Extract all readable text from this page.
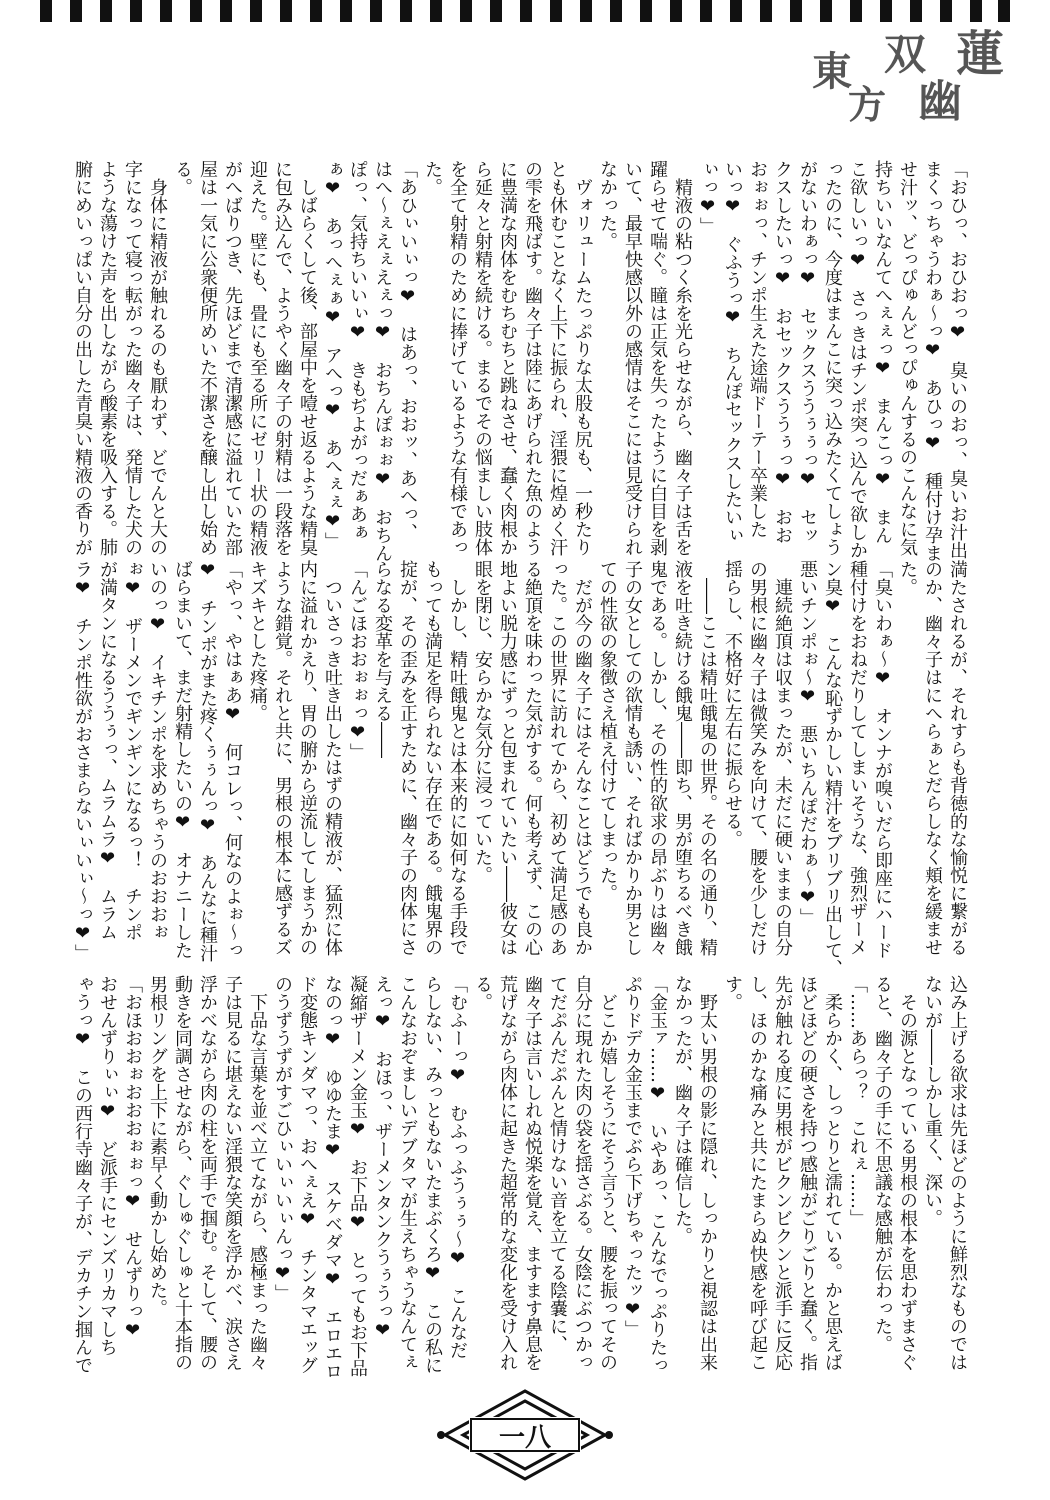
東
方
双
幽
蓮
「おひっ、おひおっ❤　臭いのおっ、臭いお汁出
まくっちゃうわぁ〜っ❤　あひっ❤　種付け孕ま
せ汁ッ、どっぴゅんどっぴゅんするのこんなに気
持ちいいなんてへぇぇっ❤　まんこっ❤　まん
こ欲しいっ❤　さっきはチンポ突っ込んで欲しか
ったのに、今度はまんこに突っ込みたくてしょう
がないわぁっ❤　セックスううぅぅっ❤　セッ
クスしたいっ❤　おセックスううぅっ❤　おお
おぉぉっ、チンポ生えた途端ドーテー卒業した
いっ❤　ぐふうっ❤　ちんぽセックスしたいぃ
ぃっ❤」
　精液の粘つく糸を光らせながら、幽々子は舌を
躍らせて喘ぐ。瞳は正気を失ったように白目を剥
いて、最早快感以外の感情はそこには見受けられ
なかった。
　ヴォリュームたっぷりな太股も尻も、一秒たり
とも休むことなく上下に振られ、淫猥に煌めく汗
の雫を飛ばす。幽々子は陸にあげられた魚のよう
に豊満な肉体をむちむちと跳ねさせ、蠢く肉根か
ら延々と射精を続ける。まるでその悩ましい肢体
を全て射精のために捧げているような有様であっ
た。
「あひぃいぃっ❤　はあっ、おおッ、あへっ、
はへ〜ぇえぇえぇっ❤　おちんぽぉぉ❤　おちん
ぽっ、気持ちいいぃ❤　きもぢよがっだぁあぁ
ぁ❤　あっへぇぁ❤　アへっ❤　あへぇぇ❤」
　しばらくして後、部屋中を噎せ返るような精臭
に包み込んで、ようやく幽々子の射精は一段落を
迎えた。壁にも、畳にも至る所にゼリー状の精液
がへばりつき、先ほどまで清潔感に溢れていた部
屋は一気に公衆便所めいた不潔さを醸し出し始め
る。
　身体に精液が触れるのも厭わず、どでんと大の
字になって寝っ転がった幽々子は、発情した犬の
ような蕩けた声を出しながら酸素を吸入する。肺
腑にめいっぱい自分の出した青臭い精液の香りが
満たされるが、それすらも背徳的な愉悦に繋がる
のか、幽々子はにへらぁとだらしなく頬を緩ませ
た。
「臭いわぁ〜❤　オンナが嗅いだら即座にハード
種付けをおねだりしてしまいそうな、強烈ザーメ
ン臭❤　こんな恥ずかしい精汁をブリブリ出して、
悪いチンポぉ〜❤　悪いちんぽだわぁ〜❤」
　連続絶頂は収まったが、未だに硬いままの自分
の男根に幽々子は微笑みを向けて、腰を少しだけ
揺らし、不格好に左右に振らせる。
　――ここは精吐餓鬼の世界。その名の通り、精
液を吐き続ける餓鬼――即ち、男が堕ちるべき餓
鬼である。しかし、その性的欲求の昂ぶりは幽々
子の女としての欲情も誘い、そればかりか男とし
ての性欲の象徴さえ植え付けてしまった。
　だが今の幽々子にはそんなことはどうでも良か
った。この世界に訪れてから、初めて満足感のあ
る絶頂を味わった気がする。何も考えず、この心
地よい脱力感にずっと包まれていたい――彼女は
眼を閉じ、安らかな気分に浸っていた。
　しかし、精吐餓鬼とは本来的に如何なる手段で
もっても満足を得られない存在である。餓鬼界の
掟が、その歪みを正すために、幽々子の肉体にさ
らなる変革を与える――
「んごほおおぉぉっ❤」
　ついさっき吐き出したはずの精液が、猛烈に体
内に溢れかえり、胃の腑から逆流してしまうかの
ような錯覚。それと共に、男根の根本に感ずるズ
キズキとした疼痛。
「やっ、やはぁあ❤　何コレっ、何なのよぉ〜っ
❤　チンポがまた疼くぅぅんっ❤　あんなに種汁
ばらまいて、まだ射精したいの❤　オナニーした
いのっ❤　イキチンポを求めちゃうのおおおぉ
ぉ❤　ザーメンでギンギンになるっ！　チンポ
が満タンになるううぅっ、ムラムラ❤　ムラム
ラ❤　チンポ性欲がおさまらないぃいぃ〜っ❤」
込み上げる欲求は先ほどのように鮮烈なものでは
ないが――しかし重く、深い。
　その源となっている男根の根本を思わずまさぐ
ると、幽々子の手に不思議な感触が伝わった。
「……あらっ？　これぇ……」
　柔らかく、しっとりと濡れている。かと思えば
ほどほどの硬さを持つ感触がごりごりと蠢く。指
先が触れる度に男根がビクンビクンと派手に反応
し、ほのかな痛みと共にたまらぬ快感を呼び起こ
す。
　野太い男根の影に隠れ、しっかりと視認は出来
なかったが、幽々子は確信した。
「金玉ァ……❤　いやあっ、こんなでっぷりたっ
ぷりドデカ金玉までぶら下げちゃったッ❤」
　どこか嬉しそうにそう言うと、腰を振ってその
自分に現れた肉の袋を揺さぶる。女陰にぶつかっ
てだぷんだぷんと情けない音を立てる陰嚢に、
幽々子は言いしれぬ悦楽を覚え、ますます鼻息を
荒げながら肉体に起きた超常的な変化を受け入れ
る。
「むふーっ❤　むふっふうぅぅ〜❤　こんなだ
らしない、みっともないたまぶくろ❤　この私に
こんなおぞましいデブタマが生えちゃうなんてぇ
えっ❤　おほっ、ザーメンタンクうぅうっ❤
凝縮ザーメン金玉❤　お下品❤　とってもお下品
なのっ❤　ゆゆたま❤　スケベダマ❤　エロエロ
ド変態キンダマっ、おへぇえ❤　チンタマエッグ
のうずうずがすごひぃいぃいぃんっ❤」
　下品な言葉を並べ立てながら、感極まった幽々
子は見るに堪えない淫猥な笑顔を浮かべ、涙さえ
浮かべながら肉の柱を両手で掴む。そして、腰の
動きを同調させながら、ぐしゅぐしゅと十本指の
男根リングを上下に素早く動かし始めた。
「おほおおぉおおおぉぉっ❤　せんずりっ❤
おせんずりぃぃ❤　ど派手にセンズリカマしち
ゃうっ❤　この西行寺幽々子が、デカチン掴んで
一八
